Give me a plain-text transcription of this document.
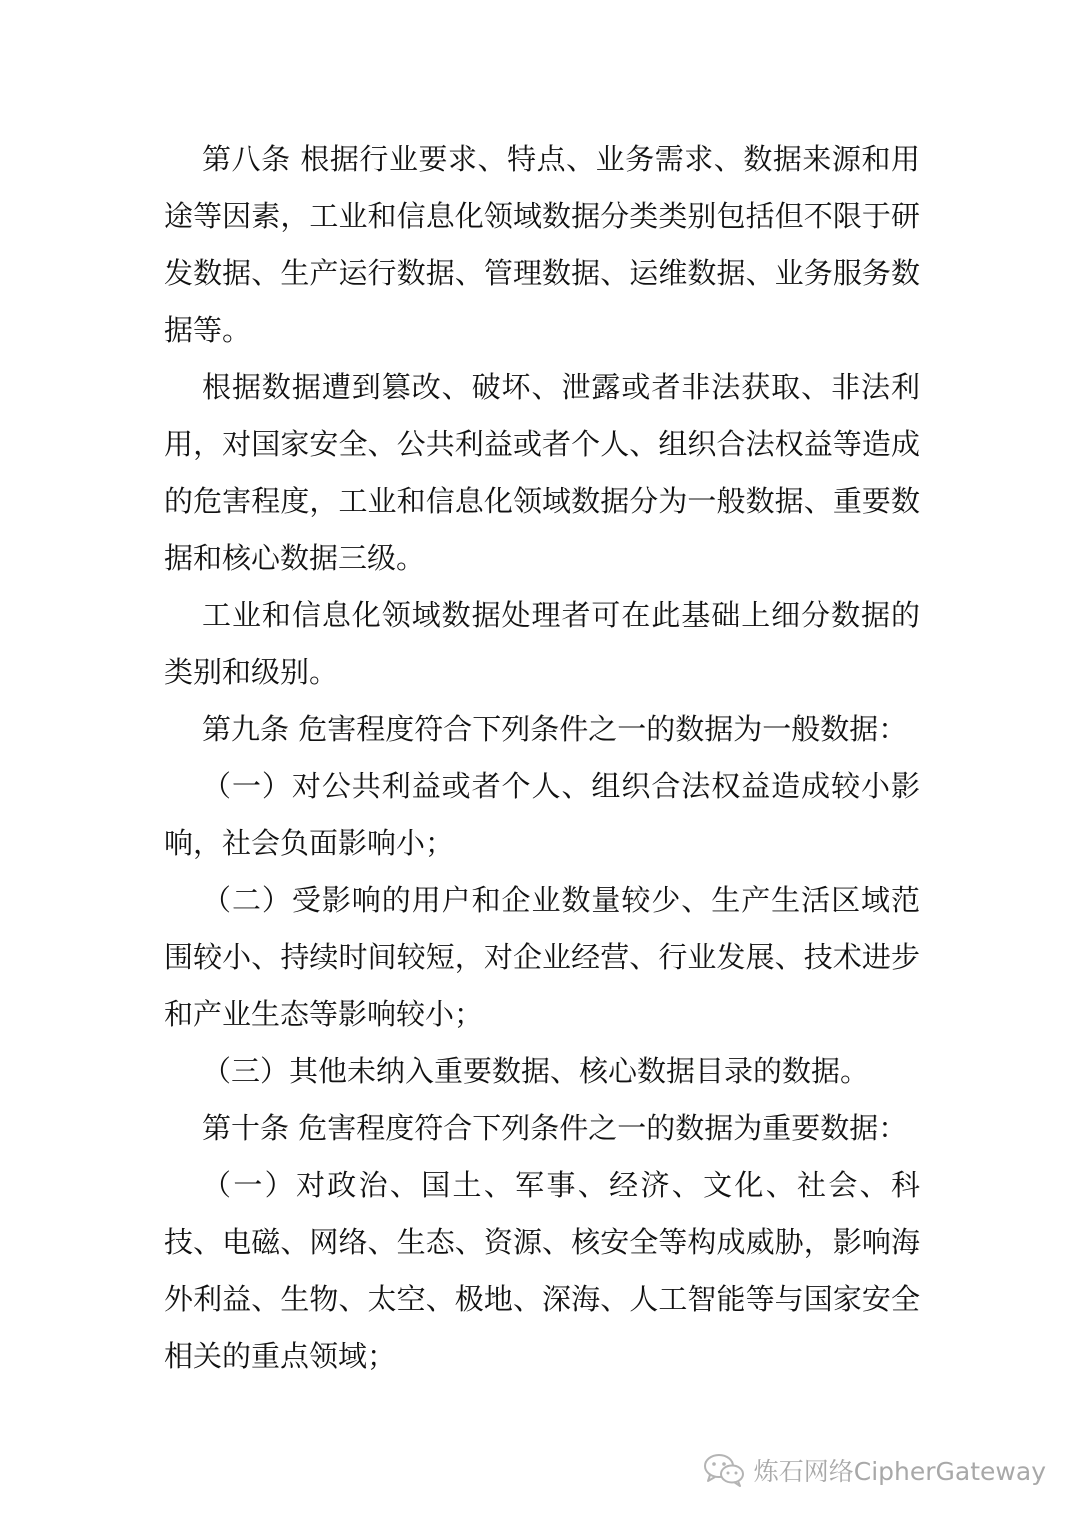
第八条 根据行业要求、特点、业务需求、数据来源和用途等因素，工业和信息化领域数据分类类别包括但不限于研发数据、生产运行数据、管理数据、运维数据、业务服务数据等。

根据数据遭到篡改、破坏、泄露或者非法获取、非法利用，对国家安全、公共利益或者个人、组织合法权益等造成的危害程度，工业和信息化领域数据分为一般数据、重要数据和核心数据三级。

工业和信息化领域数据处理者可在此基础上细分数据的类别和级别。

第九条 危害程度符合下列条件之一的数据为一般数据：

（一）对公共利益或者个人、组织合法权益造成较小影响，社会负面影响小；

（二）受影响的用户和企业数量较少、生产生活区域范围较小、持续时间较短，对企业经营、行业发展、技术进步和产业生态等影响较小；

（三）其他未纳入重要数据、核心数据目录的数据。

第十条 危害程度符合下列条件之一的数据为重要数据：

（一）对政治、国土、军事、经济、文化、社会、科技、电磁、网络、生态、资源、核安全等构成威胁，影响海外利益、生物、太空、极地、深海、人工智能等与国家安全相关的重点领域；

炼石网络CipherGateway
